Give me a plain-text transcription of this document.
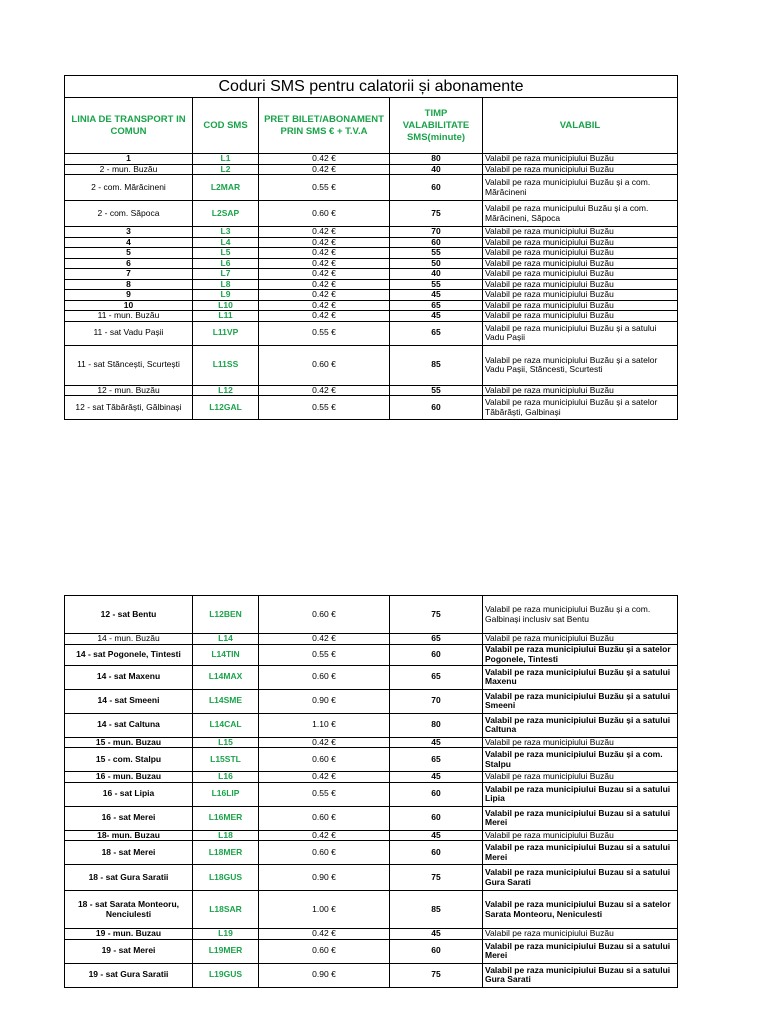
Coduri SMS pentru calatorii și abonamente				
LINIA DE TRANSPORT IN COMUN	COD SMS	PRET BILET/ABONAMENT PRIN SMS € + T.V.A	TIMP VALABILITATE SMS(minute)	VALABIL
1	L1	0.42 €	80	Valabil pe raza municipiului Buzău
2 - mun. Buzău	L2	0.42 €	40	Valabil pe raza municipiului Buzău
2 - com. Mărăcineni	L2MAR	0.55 €	60	Valabil pe raza municipiului Buzău și a com. Mărăcineni
2 - com. Săpoca	L2SAP	0.60 €	75	Valabil pe raza municipului Buzău și a com. Mărăcineni, Săpoca
3	L3	0.42 €	70	Valabil pe raza municipiului Buzău
4	L4	0.42 €	60	Valabil pe raza municipiului Buzău
5	L5	0.42 €	55	Valabil pe raza municipiului Buzău
6	L6	0.42 €	50	Valabil pe raza municipiului Buzău
7	L7	0.42 €	40	Valabil pe raza municipiului Buzău
8	L8	0.42 €	55	Valabil pe raza municipiului Buzău
9	L9	0.42 €	45	Valabil pe raza municipiului Buzău
10	L10	0.42 €	65	Valabil pe raza municipiului Buzău
11 - mun. Buzău	L11	0.42 €	45	Valabil pe raza municipiului Buzău
11 - sat Vadu Pașii	L11VP	0.55 €	65	Valabil pe raza municipiului Buzău și a satului Vadu Pașii
11 - sat Stăncești, Scurtești	L11SS	0.60 €	85	Valabil pe raza municipiului Buzău și a satelor Vadu Pașii, Stăncesti, Scurtesti
12 - mun. Buzău	L12	0.42 €	55	Valabil pe raza municipiului Buzău
12 - sat Tăbărăști, Gălbinași	L12GAL	0.55 €	60	Valabil pe raza municipiului Buzău și a satelor Tăbărăști, Galbinași
12 - sat Bentu	L12BEN	0.60 €	75	Valabil pe raza municipiului Buzău și a com. Galbinași inclusiv sat Bentu
14 - mun. Buzău	L14	0.42 €	65	Valabil pe raza municipiului Buzău
14 - sat Pogonele, Tintesti	L14TIN	0.55 €	60	Valabil pe raza municipiului Buzău și a satelor Pogonele, Tintesti
14 - sat Maxenu	L14MAX	0.60 €	65	Valabil pe raza municipiului Buzău și a satului Maxenu
14 - sat Smeeni	L14SME	0.90 €	70	Valabil pe raza municipiului Buzău și a satului Smeeni
14 - sat Caltuna	L14CAL	1.10 €	80	Valabil pe raza municipiului Buzău și a satului Caltuna
15 - mun. Buzau	L15	0.42 €	45	Valabil pe raza municipiului Buzău
15 - com. Stalpu	L15STL	0.60 €	65	Valabil pe raza municipiului Buzău și a com. Stalpu
16 - mun. Buzau	L16	0.42 €	45	Valabil pe raza municipiului Buzău
16 - sat Lipia	L16LIP	0.55 €	60	Valabil pe raza municipiului Buzau si a satului Lipia
16 - sat Merei	L16MER	0.60 €	60	Valabil pe raza municipiului Buzau si a satului Merei
18- mun. Buzau	L18	0.42 €	45	Valabil pe raza municipiului Buzău
18 - sat Merei	L18MER	0.60 €	60	Valabil pe raza municipiului Buzau si a satului Merei
18 - sat Gura Saratii	L18GUS	0.90 €	75	Valabil pe raza municipiului Buzau si a satului Gura Sarati
18 - sat Sarata Monteoru, Nenciulesti	L18SAR	1.00 €	85	Valabil pe raza municipiului Buzau si a satelor Sarata Monteoru, Neniculesti
19 - mun. Buzau	L19	0.42 €	45	Valabil pe raza municipiului Buzău
19 - sat Merei	L19MER	0.60 €	60	Valabil pe raza municipiului Buzau si a satului Merei
19 - sat Gura Saratii	L19GUS	0.90 €	75	Valabil pe raza municipiului Buzau si a satului Gura Sarati
